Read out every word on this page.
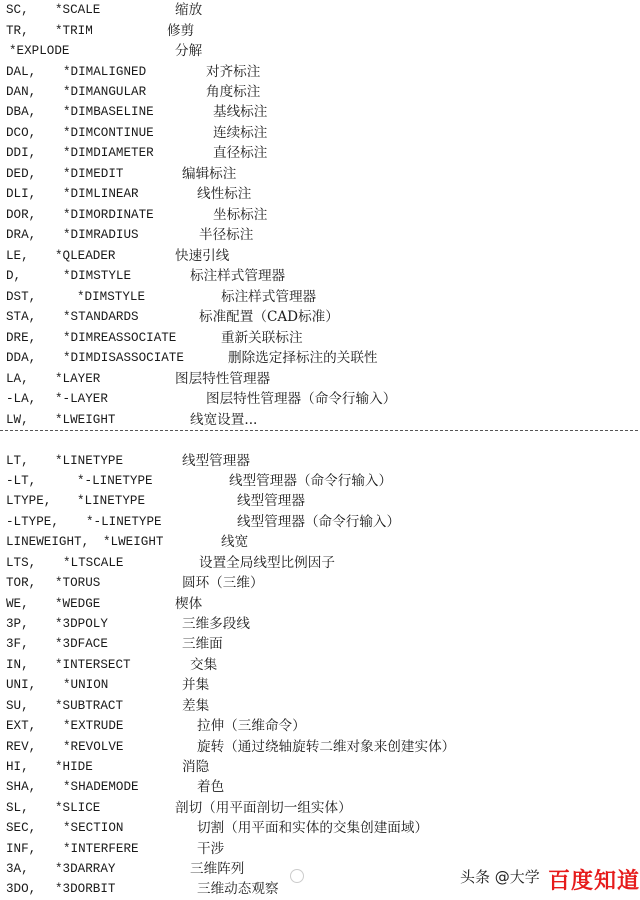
SC, *SCALE	缩放
TR, *TRIM	修剪
*EXPLODE	分解
DAL, *DIMALIGNED	对齐标注
DAN, *DIMANGULAR	角度标注
DBA, *DIMBASELINE	基线标注
DCO, *DIMCONTINUE	连续标注
DDI, *DIMDIAMETER	直径标注
DED, *DIMEDIT	编辑标注
DLI, *DIMLINEAR	线性标注
DOR, *DIMORDINATE	坐标标注
DRA, *DIMRADIUS	半径标注
LE, *QLEADER	快速引线
D,	*DIMSTYLE	标注样式管理器
DST,	*DIMSTYLE	标注样式管理器
STA, *STANDARDS	标准配置（CAD标准）
DRE, *DIMREASSOCIATE	重新关联标注
DDA, *DIMDISASSOCIATE	删除选定择标注的关联性
LA, *LAYER	图层特性管理器
-LA, *-LAYER	图层特性管理器（命令行输入）
LW, *LWEIGHT	线宽设置...
LT, *LINETYPE	线型管理器
-LT,	*-LINETYPE	线型管理器（命令行输入）
LTYPE, *LINETYPE	线型管理器
-LTYPE, *-LINETYPE	线型管理器（命令行输入）
LINEWEIGHT, *LWEIGHT	线宽
LTS, *LTSCALE	设置全局线型比例因子
TOR, *TORUS	圆环（三维）
WE, *WEDGE	楔体
3P, *3DPOLY	三维多段线
3F, *3DFACE	三维面
IN, *INTERSECT	交集
UNI, *UNION	并集
SU, *SUBTRACT	差集
EXT, *EXTRUDE	拉伸（三维命令）
REV, *REVOLVE	旋转（通过绕轴旋转二维对象来创建实体）
HI, *HIDE	消隐
SHA, *SHADEMODE	着色
SL, *SLICE	剖切（用平面剖切一组实体）
SEC, *SECTION	切割（用平面和实体的交集创建面域）
INF, *INTERFERE	干涉
3A, *3DARRAY	三维阵列
3DO, *3DORBIT	三维动态观察
头条 @大学 百度知道
